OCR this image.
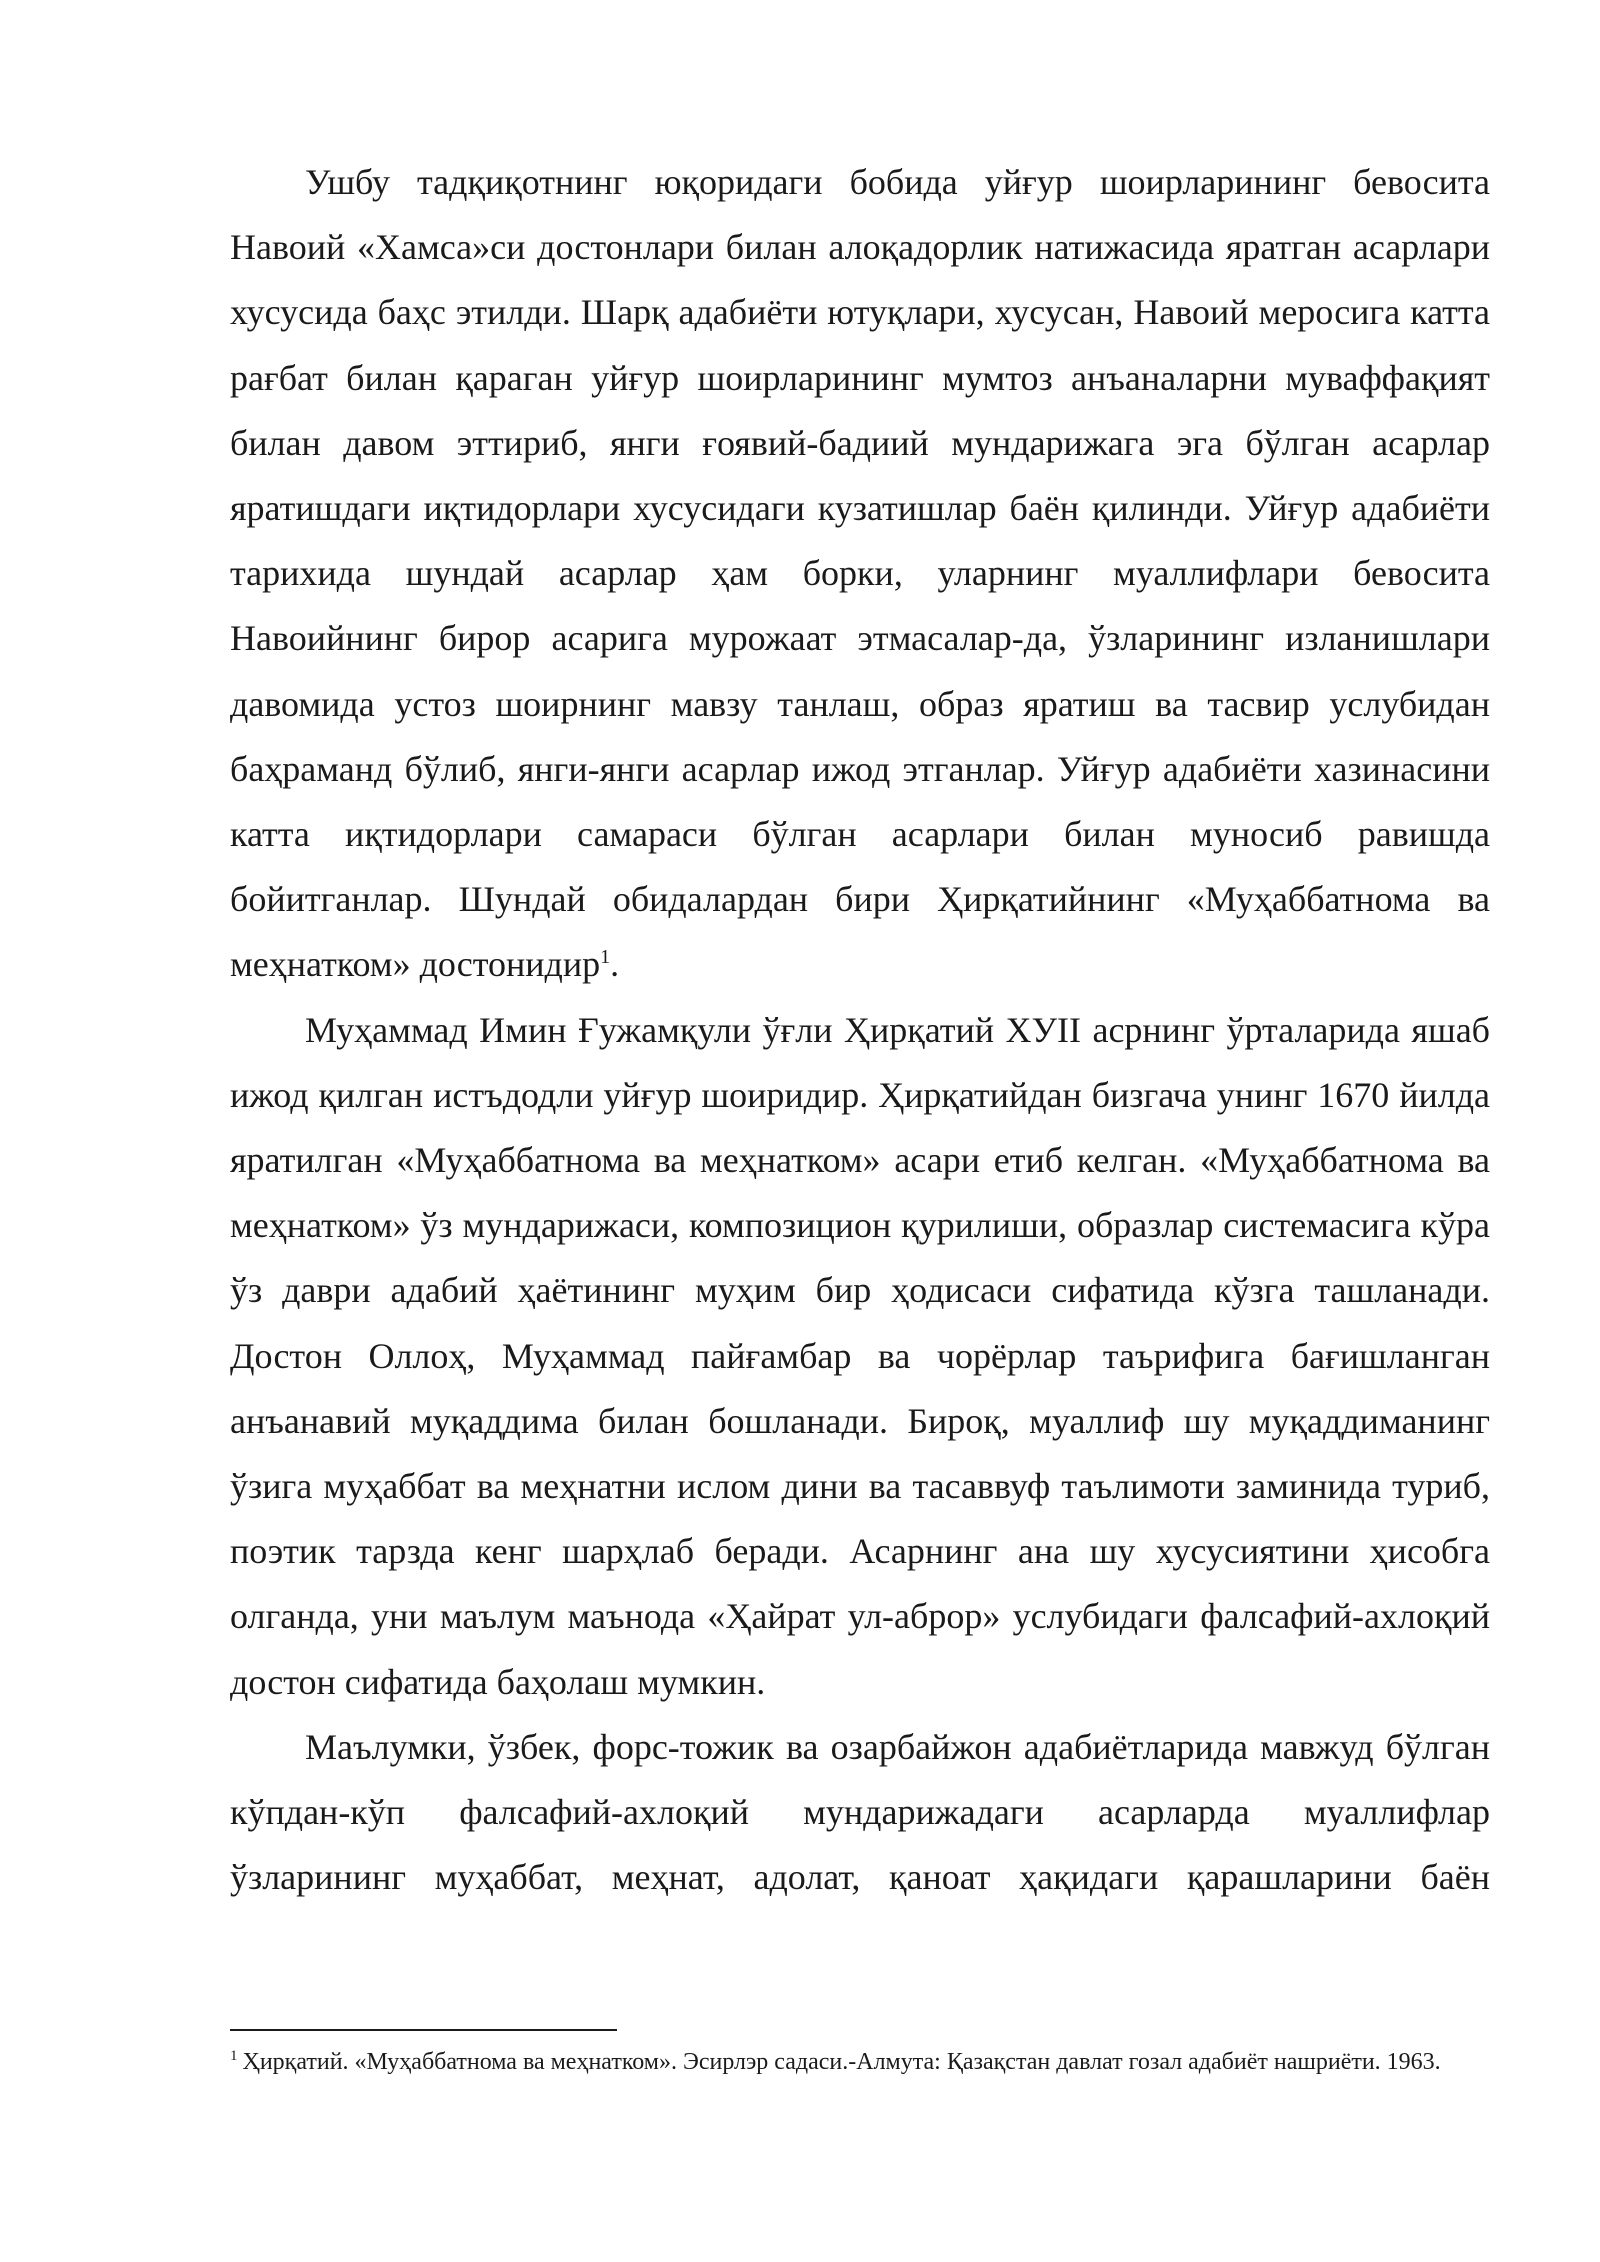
Ушбу тадқиқотнинг юқоридаги бобида уйғур шоирларининг бевосита Навоий «Хамса»си достонлари билан алоқадорлик натижасида яратган асарлари хусусида баҳс этилди. Шарқ адабиёти ютуқлари, хусусан, Навоий меросига катта рағбат билан қараган уйғур шоирларининг мумтоз анъаналарни муваффақият билан давом эттириб, янги ғоявий-бадиий мундарижага эга бўлган асарлар яратишдаги иқтидорлари хусусидаги кузатишлар баён қилинди. Уйғур адабиёти тарихида шундай асарлар ҳам борки, уларнинг муаллифлари бевосита Навоийнинг бирор асарига мурожаат этмасалар-да, ўзларининг изланишлари давомида устоз шоирнинг мавзу танлаш, образ яратиш ва тасвир услубидан баҳраманд бўлиб, янги-янги асарлар ижод этганлар. Уйғур адабиёти хазинасини катта иқтидорлари самараси бўлган асарлари билан муносиб равишда бойитганлар. Шундай обидалардан бири Ҳирқатийнинг «Муҳаббатнома ва меҳнатком» достонидир$^1$.

Муҳаммад Имин Ғужамқули ўғли Ҳирқатий XУII асрнинг ўрталарида яшаб ижод қилган истъдодли уйғур шоиридир. Ҳирқатийдан бизгача унинг 1670 йилда яратилган «Муҳаббатнома ва меҳнатком» асари етиб келган. «Муҳаббатнома ва меҳнатком» ўз мундарижаси, композицион қурилиши, образлар системасига кўра ўз даври адабий ҳаётининг муҳим бир ҳодисаси сифатида кўзга ташланади. Достон Оллоҳ, Муҳаммад пайғамбар ва чорёрлар таърифига бағишланган анъанавий муқаддима билан бошланади. Бироқ, муаллиф шу муқаддиманинг ўзига муҳаббат ва меҳнатни ислом дини ва тасаввуф таълимоти заминида туриб, поэтик тарзда кенг шарҳлаб беради. Асарнинг ана шу хусусиятини ҳисобга олганда, уни маълум маънода «Ҳайрат ул-аброр» услубидаги фалсафий-ахлоқий достон сифатида баҳолаш мумкин.

Маълумки, ўзбек, форс-тожик ва озарбайжон адабиётларида мавжуд бўлган кўпдан-кўп фалсафий-ахлоқий мундарижадаги асарларда муаллифлар ўзларининг муҳаббат, меҳнат, адолат, қаноат ҳақидаги қарашларини баён

$^1$ Ҳирқатий. «Муҳаббатнома ва меҳнатком». Эсирлэр садаси.-Алмута: Қазақстан давлат гозал адабиёт нашриёти. 1963.
